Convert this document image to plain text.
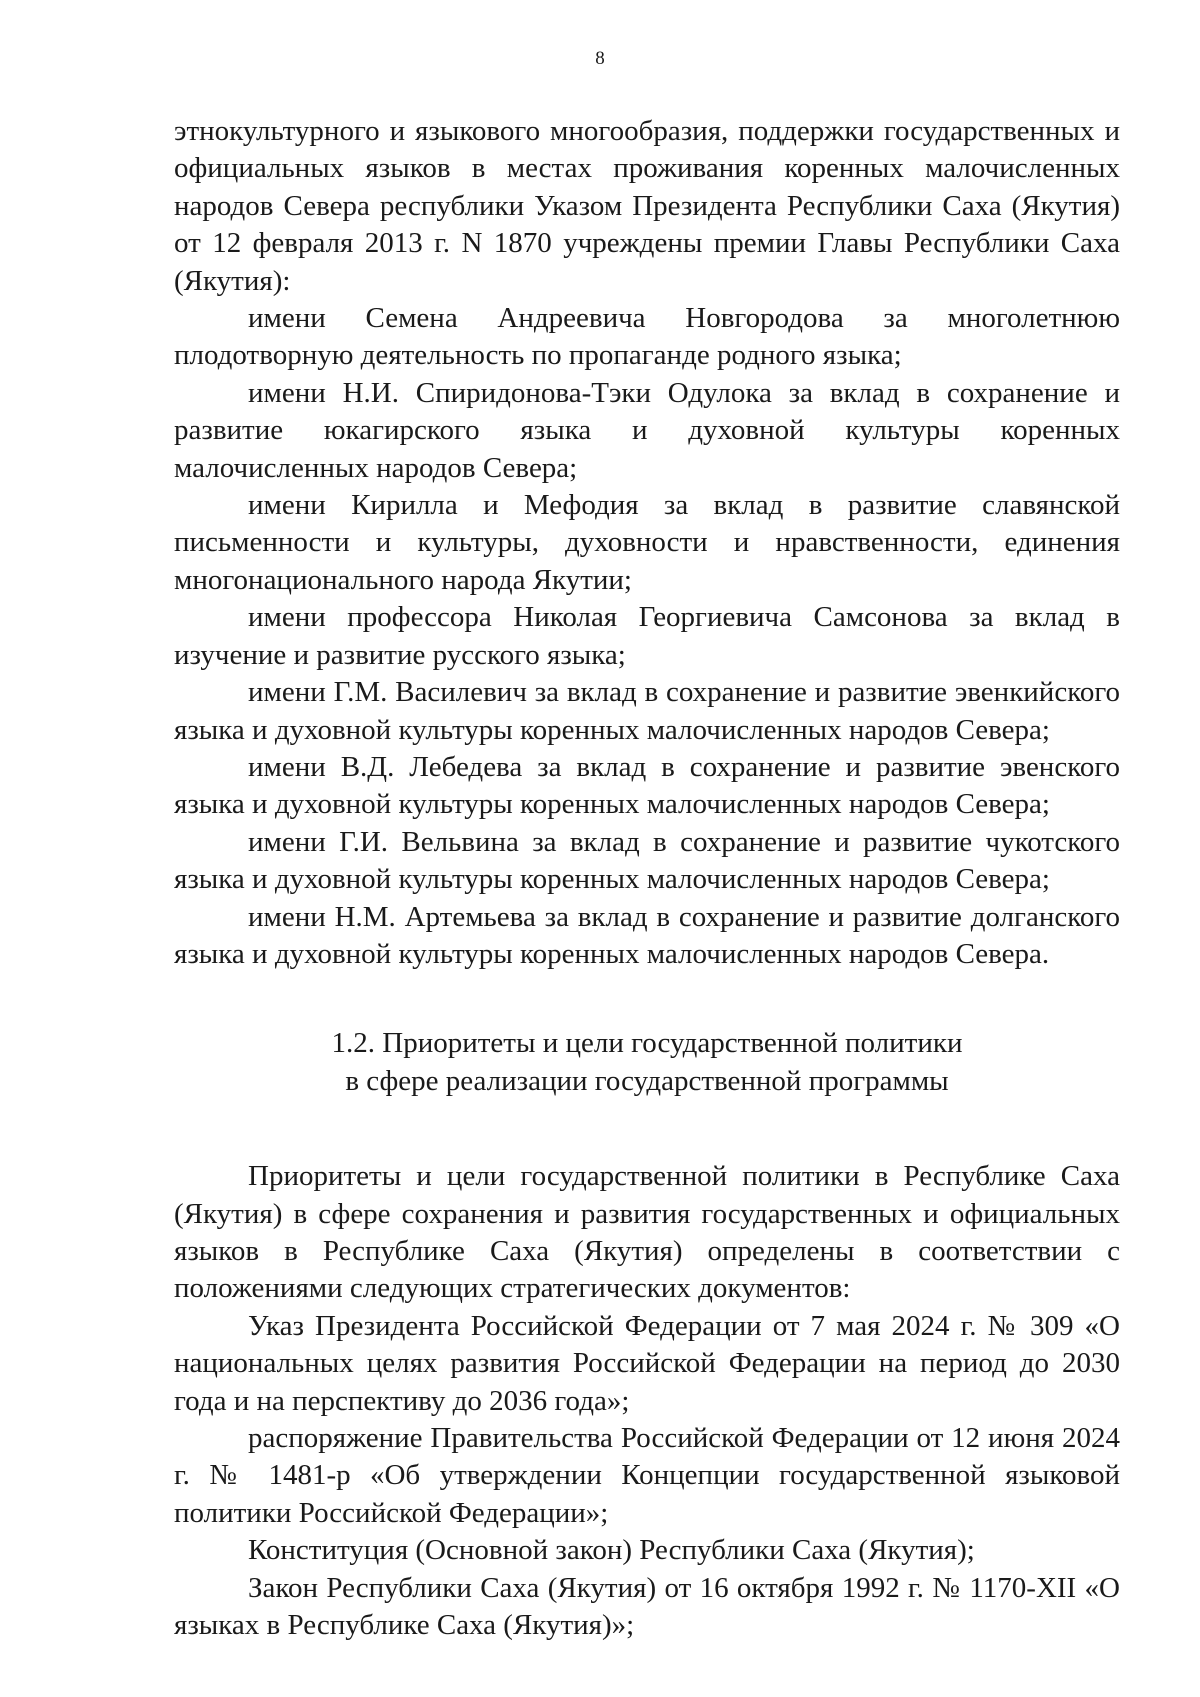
8

этнокультурного и языкового многообразия, поддержки государственных и официальных языков в местах проживания коренных малочисленных народов Севера республики Указом Президента Республики Саха (Якутия) от 12 февраля 2013 г. N 1870 учреждены премии Главы Республики Саха (Якутия):

имени Семена Андреевича Новгородова за многолетнюю плодотворную деятельность по пропаганде родного языка;

имени Н.И. Спиридонова-Тэки Одулока за вклад в сохранение и развитие юкагирского языка и духовной культуры коренных малочисленных народов Севера;

имени Кирилла и Мефодия за вклад в развитие славянской письменности и культуры, духовности и нравственности, единения многонационального народа Якутии;

имени профессора Николая Георгиевича Самсонова за вклад в изучение и развитие русского языка;

имени Г.М. Василевич за вклад в сохранение и развитие эвенкийского языка и духовной культуры коренных малочисленных народов Севера;

имени В.Д. Лебедева за вклад в сохранение и развитие эвенского языка и духовной культуры коренных малочисленных народов Севера;

имени Г.И. Вельвина за вклад в сохранение и развитие чукотского языка и духовной культуры коренных малочисленных народов Севера;

имени Н.М. Артемьева за вклад в сохранение и развитие долганского языка и духовной культуры коренных малочисленных народов Севера.

1.2. Приоритеты и цели государственной политики
в сфере реализации государственной программы

Приоритеты и цели государственной политики в Республике Саха (Якутия) в сфере сохранения и развития государственных и официальных языков в Республике Саха (Якутия) определены в соответствии с положениями следующих стратегических документов:

Указ Президента Российской Федерации от 7 мая 2024 г. № 309 «О национальных целях развития Российской Федерации на период до 2030 года и на перспективу до 2036 года»;

распоряжение Правительства Российской Федерации от 12 июня 2024 г. № 1481-р «Об утверждении Концепции государственной языковой политики Российской Федерации»;

Конституция (Основной закон) Республики Саха (Якутия);

Закон Республики Саха (Якутия) от 16 октября 1992 г. № 1170-XII «О языках в Республике Саха (Якутия)»;
